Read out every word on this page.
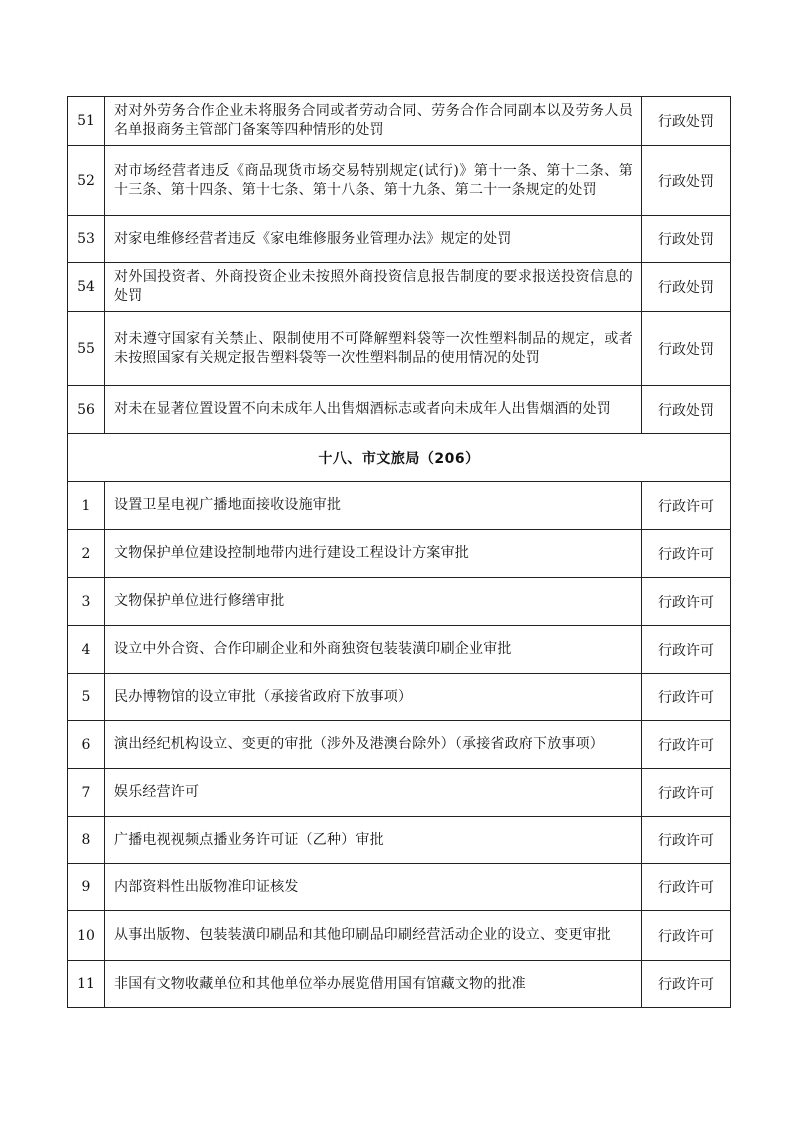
51	对对外劳务合作企业未将服务合同或者劳动合同、劳务合作合同副本以及劳务人员名单报商务主管部门备案等四种情形的处罚	行政处罚
52	对市场经营者违反《商品现货市场交易特别规定(试行)》第十一条、第十二条、第十三条、第十四条、第十七条、第十八条、第十九条、第二十一条规定的处罚	行政处罚
53	对家电维修经营者违反《家电维修服务业管理办法》规定的处罚	行政处罚
54	对外国投资者、外商投资企业未按照外商投资信息报告制度的要求报送投资信息的处罚	行政处罚
55	对未遵守国家有关禁止、限制使用不可降解塑料袋等一次性塑料制品的规定，或者未按照国家有关规定报告塑料袋等一次性塑料制品的使用情况的处罚	行政处罚
56	对未在显著位置设置不向未成年人出售烟酒标志或者向未成年人出售烟酒的处罚	行政处罚
十八、市文旅局（206）		
1	设置卫星电视广播地面接收设施审批	行政许可
2	文物保护单位建设控制地带内进行建设工程设计方案审批	行政许可
3	文物保护单位进行修缮审批	行政许可
4	设立中外合资、合作印刷企业和外商独资包装装潢印刷企业审批	行政许可
5	民办博物馆的设立审批（承接省政府下放事项）	行政许可
6	演出经纪机构设立、变更的审批（涉外及港澳台除外）（承接省政府下放事项）	行政许可
7	娱乐经营许可	行政许可
8	广播电视视频点播业务许可证（乙种）审批	行政许可
9	内部资料性出版物准印证核发	行政许可
10	从事出版物、包装装潢印刷品和其他印刷品印刷经营活动企业的设立、变更审批	行政许可
11	非国有文物收藏单位和其他单位举办展览借用国有馆藏文物的批准	行政许可
